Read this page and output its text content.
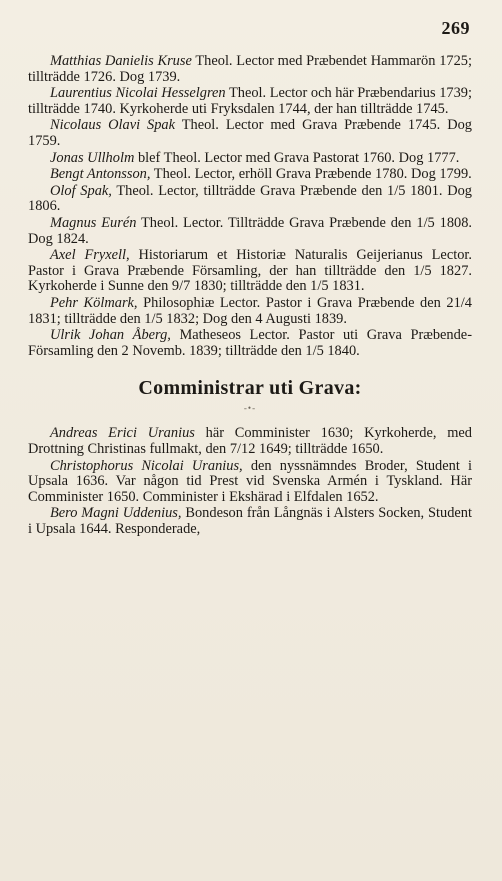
269

Matthias Danielis Kruse Theol. Lector med Præbendet Hammarön 1725; tillträdde 1726. Dog 1739.

Laurentius Nicolai Hesselgren Theol. Lector och här Præbendarius 1739; tillträdde 1740. Kyrkoherde uti Fryksdalen 1744, der han tillträdde 1745.

Nicolaus Olavi Spak Theol. Lector med Grava Præbende 1745. Dog 1759.

Jonas Ullholm blef Theol. Lector med Grava Pastorat 1760. Dog 1777.

Bengt Antonsson, Theol. Lector, erhöll Grava Præbende 1780. Dog 1799.

Olof Spak, Theol. Lector, tillträdde Grava Præbende den 1/5 1801. Dog 1806.

Magnus Eurén Theol. Lector. Tillträdde Grava Præbende den 1/5 1808. Dog 1824.

Axel Fryxell, Historiarum et Historiæ Naturalis Geijerianus Lector. Pastor i Grava Præbende Församling, der han tillträdde den 1/5 1827. Kyrkoherde i Sunne den 9/7 1830; tillträdde den 1/5 1831.

Pehr Kölmark, Philosophiæ Lector. Pastor i Grava Præbende den 21/4 1831; tillträdde den 1/5 1832; Dog den 4 Augusti 1839.

Ulrik Johan Åberg, Matheseos Lector. Pastor uti Grava Præbende-Församling den 2 Novemb. 1839; tillträdde den 1/5 1840.

Comministrar uti Grava:
-•-

Andreas Erici Uranius här Comminister 1630; Kyrkoherde, med Drottning Christinas fullmakt, den 7/12 1649; tillträdde 1650.

Christophorus Nicolai Uranius, den nyssnämndes Broder, Student i Upsala 1636. Var någon tid Prest vid Svenska Armén i Tyskland. Här Comminister 1650. Comminister i Ekshärad i Elfdalen 1652.

Bero Magni Uddenius, Bondeson från Långnäs i Alsters Socken, Student i Upsala 1644. Responderade,
